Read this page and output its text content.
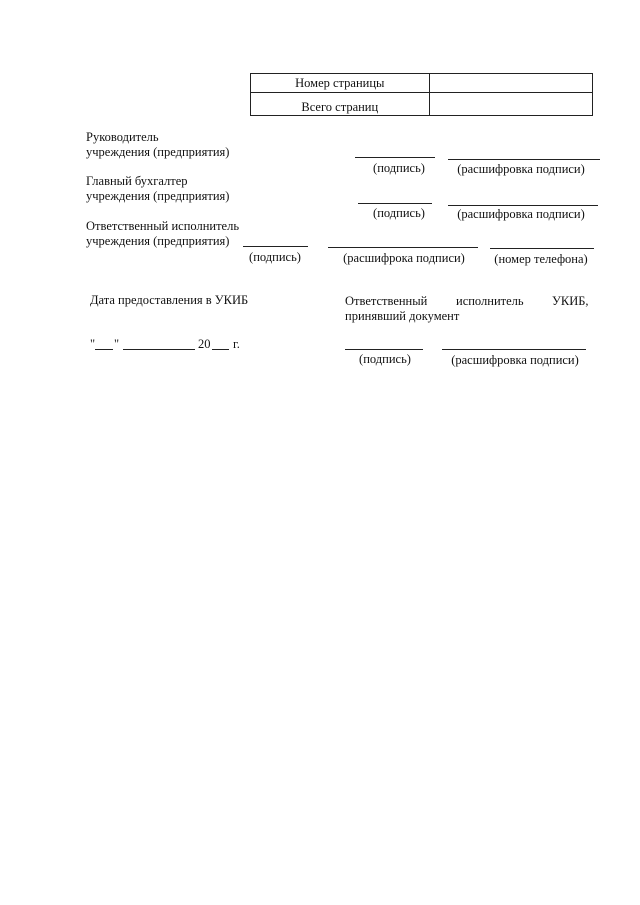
Номер страницы	
Всего страниц	
Руководитель
учреждения (предприятия)
(подпись)	(расшифровка подписи)
Главный бухгалтер
учреждения (предприятия)
(подпись)	(расшифровка подписи)
Ответственный исполнитель
учреждения (предприятия)
(подпись)	(расшифрока подписи)	(номер телефона)
Дата предоставления в УКИБ	Ответственный исполнитель УКИБ,
принявший документ
" "	20 г.
(подпись)	(расшифровка подписи)
